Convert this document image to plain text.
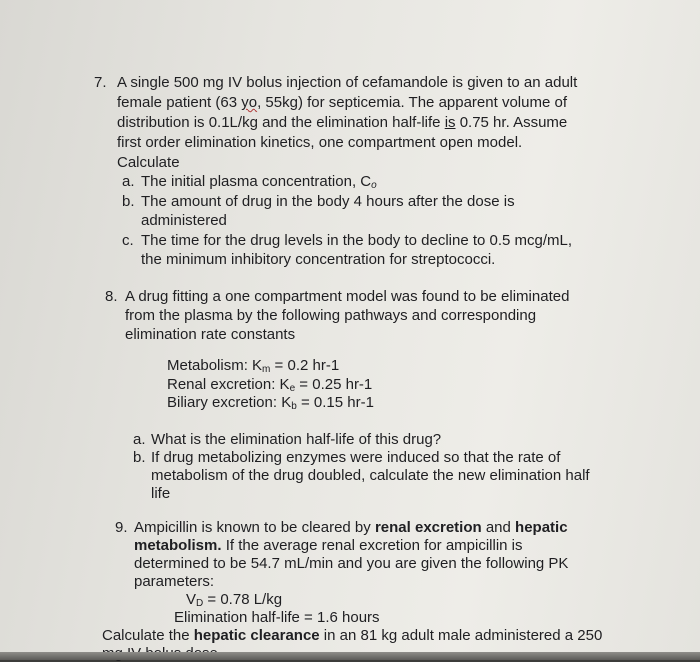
7. A single 500 mg IV bolus injection of cefamandole is given to an adult
female patient (63 yo, 55kg) for septicemia. The apparent volume of
distribution is 0.1L/kg and the elimination half-life is 0.75 hr. Assume
first order elimination kinetics, one compartment open model.
Calculate
a. The initial plasma concentration, $C_o$
b. The amount of drug in the body 4 hours after the dose is
administered
c. The time for the drug levels in the body to decline to 0.5 mcg/mL,
the minimum inhibitory concentration for streptococci.
8. A drug fitting a one compartment model was found to be eliminated
from the plasma by the following pathways and corresponding
elimination rate constants
Metabolism: $K_m = 0.2$ hr-1
Renal excretion: $K_e = 0.25$ hr-1
Biliary excretion: $K_b = 0.15$ hr-1
a. What is the elimination half-life of this drug?
b. If drug metabolizing enzymes were induced so that the rate of
metabolism of the drug doubled, calculate the new elimination half
life
9. Ampicillin is known to be cleared by renal excretion and hepatic
metabolism. If the average renal excretion for ampicillin is
determined to be 54.7 mL/min and you are given the following PK
parameters:
$V_D = 0.78$ L/kg
Elimination half-life = 1.6 hours
Calculate the hepatic clearance in an 81 kg adult male administered a 250
